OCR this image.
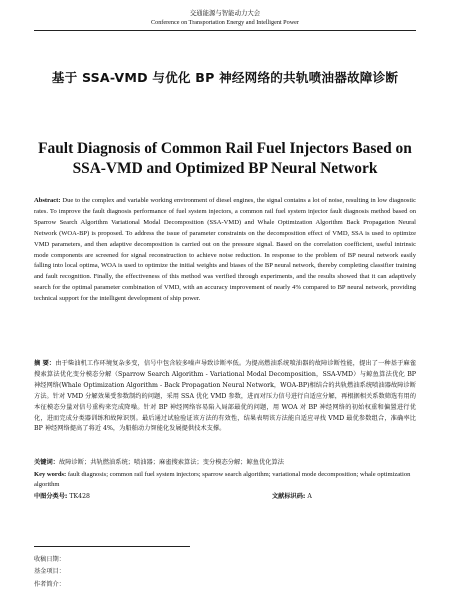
交通能源与智能动力大会
Conference on Transportation Energy and Intelligent Power
基于 SSA-VMD 与优化 BP 神经网络的共轨喷油器故障诊断
Fault Diagnosis of Common Rail Fuel Injectors Based on SSA-VMD and Optimized BP Neural Network
Abstract: Due to the complex and variable working environment of diesel engines, the signal contains a lot of noise, resulting in low diagnostic rates. To improve the fault diagnosis performance of fuel system injectors, a common rail fuel system injector fault diagnosis method based on Sparrow Search Algorithm Variational Modal Decomposition (SSA-VMD) and Whale Optimization Algorithm Back Propagation Neural Network (WOA-BP) is proposed. To address the issue of parameter constraints on the decomposition effect of VMD, SSA is used to optimize VMD parameters, and then adaptive decomposition is carried out on the pressure signal. Based on the correlation coefficient, useful intrinsic mode components are screened for signal reconstruction to achieve noise reduction. In response to the problem of BP neural network easily falling into local optima, WOA is used to optimize the initial weights and biases of the BP neural network, thereby completing classifier training and fault recognition. Finally, the effectiveness of this method was verified through experiments, and the results showed that it can adaptively search for the optimal parameter combination of VMD, with an accuracy improvement of nearly 4% compared to BP neural network, providing technical support for the intelligent development of ship power.
摘 要：由于柴油机工作环境复杂多变，信号中包含较多噪声导致诊断率低。为提高燃油系统喷油器的故障诊断性能，提出了一种基于麻雀搜索算法优化变分模态分解（Sparrow Search Algorithm - Variational Modal Decomposition，SSA-VMD）与鲸鱼算法优化 BP 神经网络(Whale Optimization Algorithm - Back Propagation Neural Network，WOA-BP)相结合的共轨燃油系统喷油器故障诊断方法。针对 VMD 分解效果受参数制约的问题，采用 SSA 优化 VMD 参数，进而对压力信号进行自适应分解，再根据相关系数筛选有用的本征模态分量对信号重构来完成降噪。针对 BP 神经网络容易陷入局部最优的问题，用 WOA 对 BP 神经网络的初始权重和偏置进行优化，进而完成分类器训练和故障识别。最后通过试验验证该方法的有效性，结果表明该方法能自适应寻找 VMD 最优参数组合，准确率比 BP 神经网络提高了将近 4%，为船舶动力智能化发展提供技术支撑。
关键词：故障诊断；共轨燃油系统；喷油器；麻雀搜索算法；变分模态分解；鲸鱼优化算法
Key words: fault diagnosis; common rail fuel system injectors; sparrow search algorithm; variational mode decomposition; whale optimization algorithm
中图分类号: TK428	文献标识码: A
收稿日期：
基金项目：
作者简介：
